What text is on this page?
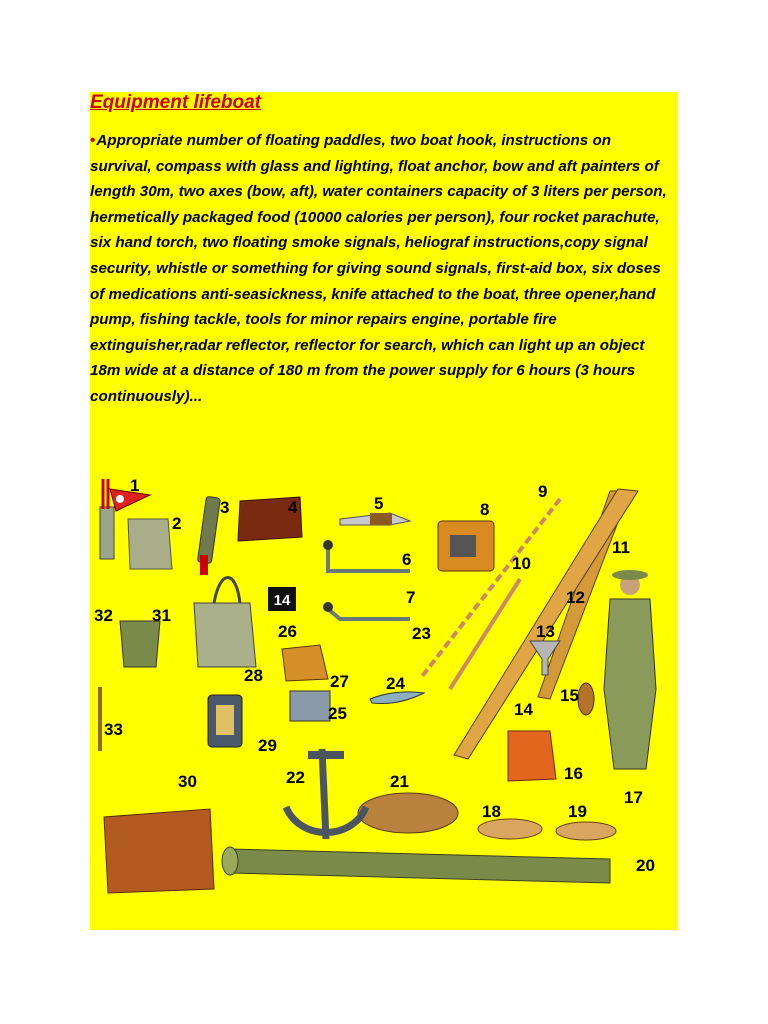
Equipment lifeboat
•Appropriate number of floating paddles, two boat hook, instructions on survival, compass with glass and lighting, float anchor, bow and aft painters of length 30m, two axes (bow, aft), water containers capacity of 3 liters per person, hermetically packaged food (10000 calories per person), four rocket parachute, six hand torch, two floating smoke signals, heliograf instructions,copy signal security, whistle or something for giving sound signals, first-aid box, six doses of medications anti-seasickness, knife attached to the boat, three opener,hand pump, fishing tackle, tools for minor repairs engine, portable fire extinguisher,radar reflector, reflector for search, which can light up an object 18m wide at a distance of 180 m from the power supply for 6 hours (3 hours continuously)...
14
1
2
3	4	5
6
7
8
9
10
11
12
13
14
15
16
17
18	19
20
21
22
23
24
25
26
27
28
29
30
31
32
33
